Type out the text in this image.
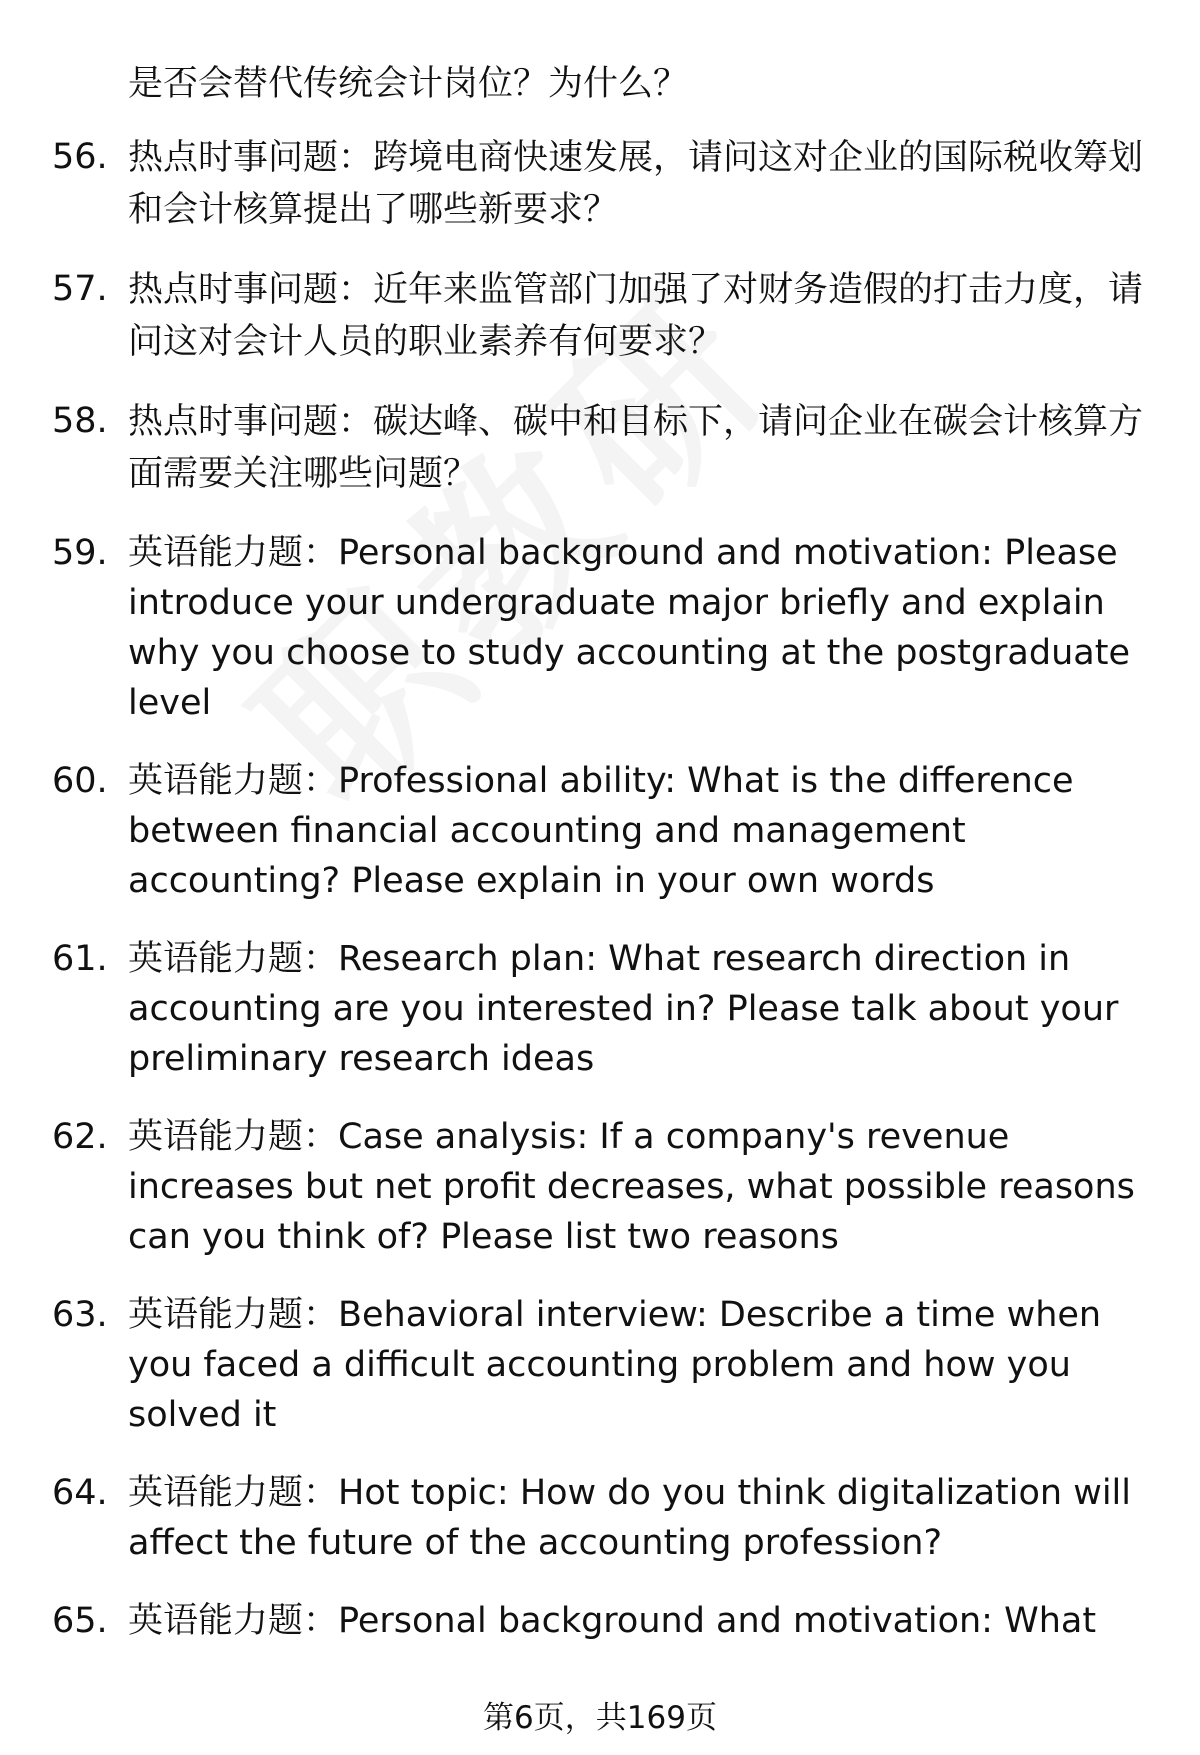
是否会替代传统会计岗位？为什么？
56. 热点时事问题：跨境电商快速发展，请问这对企业的国际税收筹划和会计核算提出了哪些新要求？
57. 热点时事问题：近年来监管部门加强了对财务造假的打击力度，请问这对会计人员的职业素养有何要求？
58. 热点时事问题：碳达峰、碳中和目标下，请问企业在碳会计核算方面需要关注哪些问题？
59. 英语能力题：Personal background and motivation: Please introduce your undergraduate major briefly and explain why you choose to study accounting at the postgraduate level
60. 英语能力题：Professional ability: What is the difference between financial accounting and management accounting? Please explain in your own words
61. 英语能力题：Research plan: What research direction in accounting are you interested in? Please talk about your preliminary research ideas
62. 英语能力题：Case analysis: If a company's revenue increases but net profit decreases, what possible reasons can you think of? Please list two reasons
63. 英语能力题：Behavioral interview: Describe a time when you faced a difficult accounting problem and how you solved it
64. 英语能力题：Hot topic: How do you think digitalization will affect the future of the accounting profession?
65. 英语能力题：Personal background and motivation: What
第6页，共169页
